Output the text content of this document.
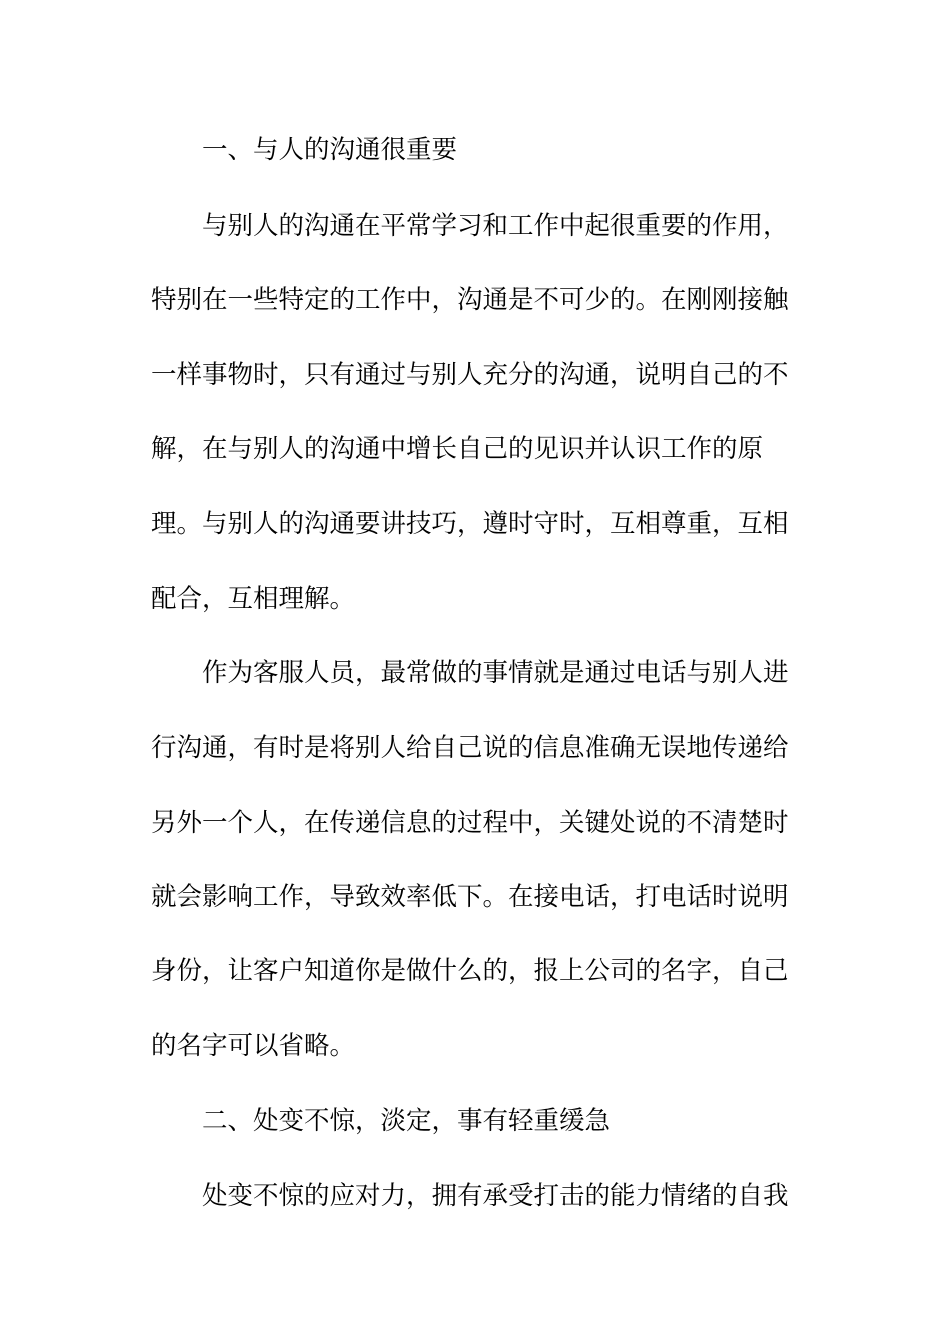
一、与人的沟通很重要
与别人的沟通在平常学习和工作中起很重要的作用，
特别在一些特定的工作中，沟通是不可少的。在刚刚接触
一样事物时，只有通过与别人充分的沟通，说明自己的不
解，在与别人的沟通中增长自己的见识并认识工作的原
理。与别人的沟通要讲技巧，遵时守时，互相尊重，互相
配合，互相理解。
作为客服人员，最常做的事情就是通过电话与别人进
行沟通，有时是将别人给自己说的信息准确无误地传递给
另外一个人，在传递信息的过程中，关键处说的不清楚时
就会影响工作，导致效率低下。在接电话，打电话时说明
身份，让客户知道你是做什么的，报上公司的名字，自己
的名字可以省略。
二、处变不惊，淡定，事有轻重缓急
处变不惊的应对力，拥有承受打击的能力情绪的自我
